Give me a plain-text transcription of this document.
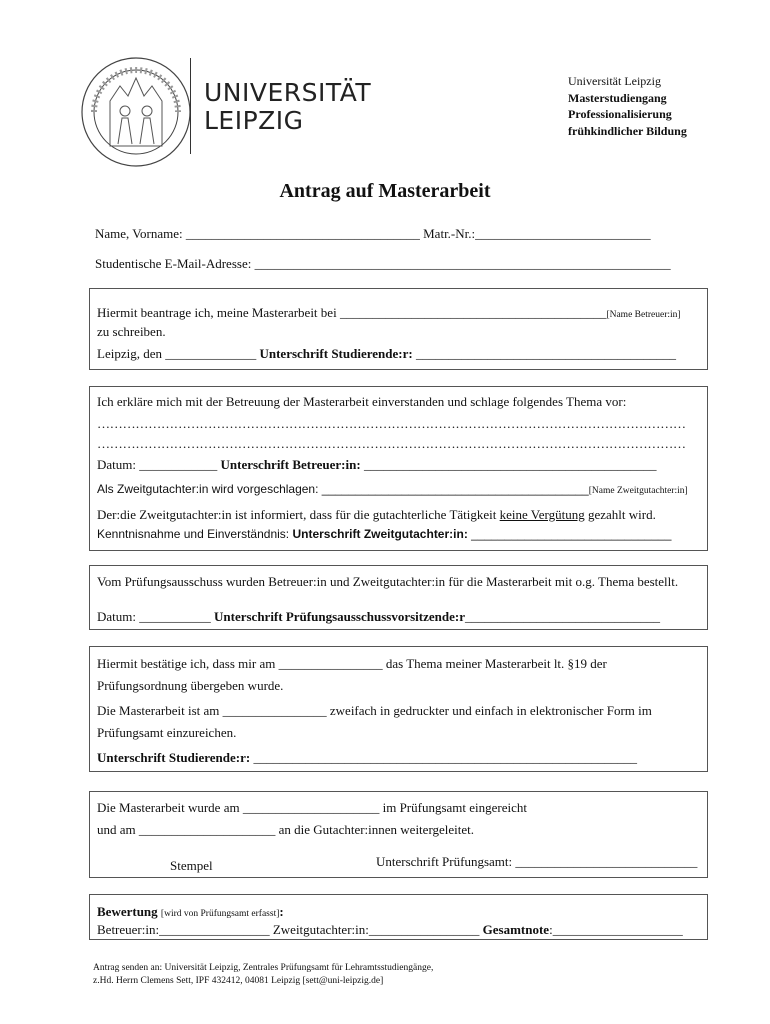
UNIVERSITÄT
LEIPZIG
Universität Leipzig
Masterstudiengang
Professionalisierung
frühkindlicher Bildung
Antrag auf Masterarbeit
Name, Vorname: ____________________________________ Matr.-Nr.:___________________________
Studentische E-Mail-Adresse: ________________________________________________________________
Hiermit beantrage ich, meine Masterarbeit bei _________________________________________[Name Betreuer:in]
zu schreiben.
Leipzig, den ______________ Unterschrift Studierende:r: ________________________________________
Ich erkläre mich mit der Betreuung der Masterarbeit einverstanden und schlage folgendes Thema vor:
…………………………………………………………………………………………………………………………
…………………………………………………………………………………………………………………………
Datum: ____________ Unterschrift Betreuer:in: _____________________________________________
Als Zweitgutachter:in wird vorgeschlagen: ________________________________________[Name Zweitgutachter:in]
Der:die Zweitgutachter:in ist informiert, dass für die gutachterliche Tätigkeit keine Vergütung gezahlt wird.
Kenntnisnahme und Einverständnis: Unterschrift Zweitgutachter:in: ______________________________
Vom Prüfungsausschuss wurden Betreuer:in und Zweitgutachter:in für die Masterarbeit mit o.g. Thema bestellt.
Datum: ___________ Unterschrift Prüfungsausschussvorsitzende:r______________________________
Hiermit bestätige ich, dass mir am ________________ das Thema meiner Masterarbeit lt. §19 der
Prüfungsordnung übergeben wurde.
Die Masterarbeit ist am ________________ zweifach in gedruckter und einfach in elektronischer Form im
Prüfungsamt einzureichen.
Unterschrift Studierende:r: ___________________________________________________________
Die Masterarbeit wurde am _____________________ im Prüfungsamt eingereicht
und am _____________________ an die Gutachter:innen weitergeleitet.
Stempel	Unterschrift Prüfungsamt: ____________________________
Bewertung [wird von Prüfungsamt erfasst]:
Betreuer:in:_________________ Zweitgutachter:in:_________________ Gesamtnote:____________________
Antrag senden an: Universität Leipzig, Zentrales Prüfungsamt für Lehramtsstudiengänge,
z.Hd. Herrn Clemens Sett, IPF 432412, 04081 Leipzig [sett@uni-leipzig.de]
